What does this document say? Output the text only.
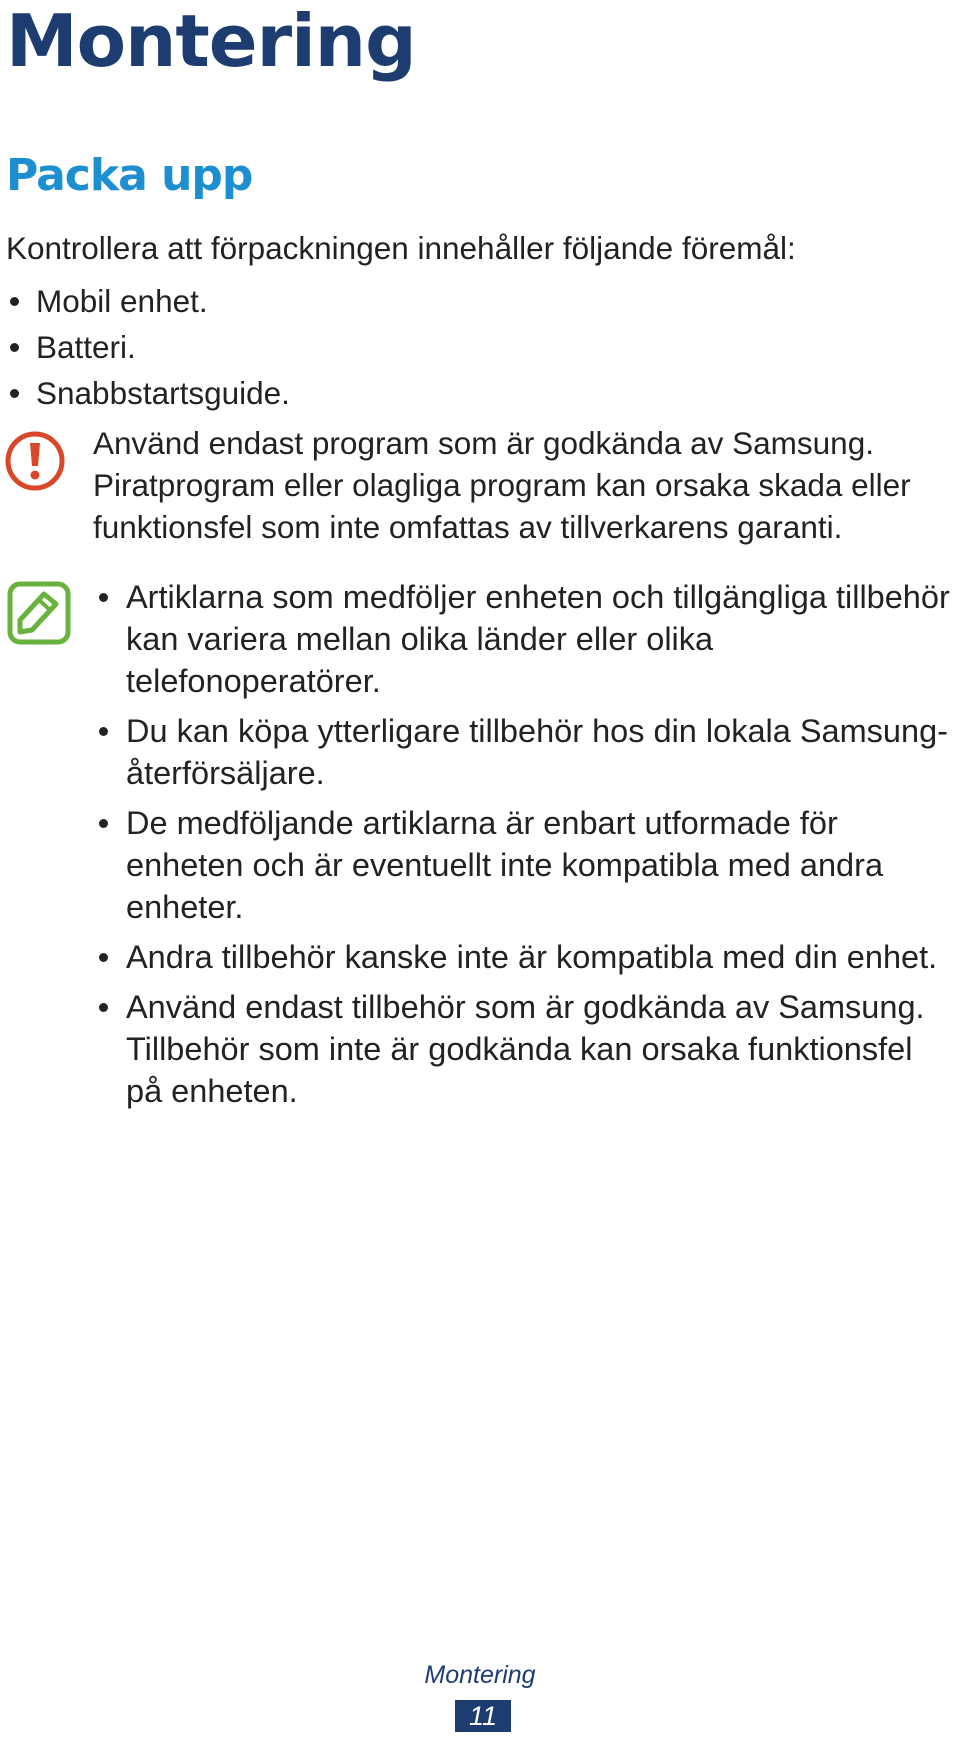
Montering
Packa upp

Kontrollera att förpackningen innehåller följande föremål:

Mobil enhet.
Batteri.
Snabbstartsguide.

Använd endast program som är godkända av Samsung. Piratprogram eller olagliga program kan orsaka skada eller funktionsfel som inte omfattas av tillverkarens garanti.

Artiklarna som medföljer enheten och tillgängliga tillbehör kan variera mellan olika länder eller olika telefonoperatörer.
Du kan köpa ytterligare tillbehör hos din lokala Samsung-återförsäljare.
De medföljande artiklarna är enbart utformade för enheten och är eventuellt inte kompatibla med andra enheter.
Andra tillbehör kanske inte är kompatibla med din enhet.
Använd endast tillbehör som är godkända av Samsung. Tillbehör som inte är godkända kan orsaka funktionsfel på enheten.
Montering
11
